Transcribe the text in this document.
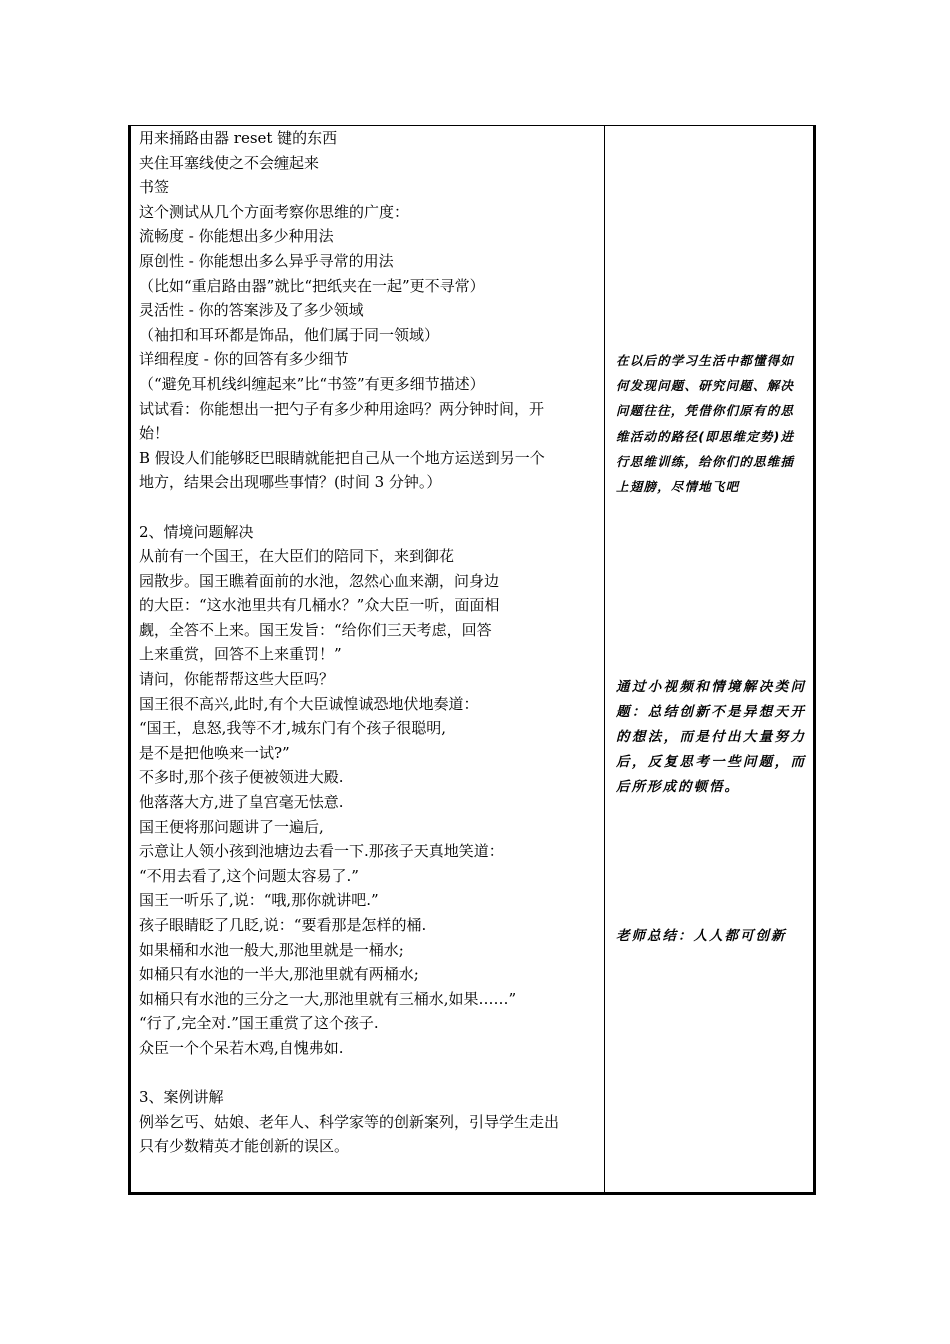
用来捅路由器 reset 键的东西
夹住耳塞线使之不会缠起来
书签
这个测试从几个方面考察你思维的广度：
流畅度 - 你能想出多少种用法
原创性 - 你能想出多么异乎寻常的用法
（比如“重启路由器”就比“把纸夹在一起”更不寻常）
灵活性 - 你的答案涉及了多少领域
（袖扣和耳环都是饰品，他们属于同一领域）
详细程度 - 你的回答有多少细节
（“避免耳机线纠缠起来”比“书签”有更多细节描述）
试试看：你能想出一把勺子有多少种用途吗？两分钟时间，开
始！
B 假设人们能够眨巴眼睛就能把自己从一个地方运送到另一个
地方，结果会出现哪些事情？(时间 3 分钟。）
2、情境问题解决
从前有一个国王，在大臣们的陪同下，来到御花
园散步。国王瞧着面前的水池，忽然心血来潮，问身边
的大臣：“这水池里共有几桶水？”众大臣一听，面面相
觑，全答不上来。国王发旨：“给你们三天考虑，回答
上来重赏，回答不上来重罚！”
请问，你能帮帮这些大臣吗？
国王很不高兴,此时,有个大臣诚惶诚恐地伏地奏道：
“国王，息怒,我等不才,城东门有个孩子很聪明,
是不是把他唤来一试?”
不多时,那个孩子便被领进大殿.
他落落大方,进了皇宫毫无怯意.
国王便将那问题讲了一遍后,
示意让人领小孩到池塘边去看一下.那孩子天真地笑道：
“不用去看了,这个问题太容易了.”
国王一听乐了,说：“哦,那你就讲吧.”
孩子眼睛眨了几眨,说：“要看那是怎样的桶.
如果桶和水池一般大,那池里就是一桶水;
如桶只有水池的一半大,那池里就有两桶水;
如桶只有水池的三分之一大,那池里就有三桶水,如果……”
“行了,完全对.”国王重赏了这个孩子.
众臣一个个呆若木鸡,自愧弗如.
3、案例讲解
例举乞丐、姑娘、老年人、科学家等的创新案列，引导学生走出
只有少数精英才能创新的误区。
在以后的学习生活中都懂得如何发现问题、研究问题、解决问题往往，凭借你们原有的思维活动的路径(即思维定势)进行思维训练，给你们的思维插上翅膀，尽情地飞吧
通过小视频和情境解决类问题：总结创新不是异想天开的想法，而是付出大量努力后，反复思考一些问题，而后所形成的顿悟。
老师总结：人人都可创新
